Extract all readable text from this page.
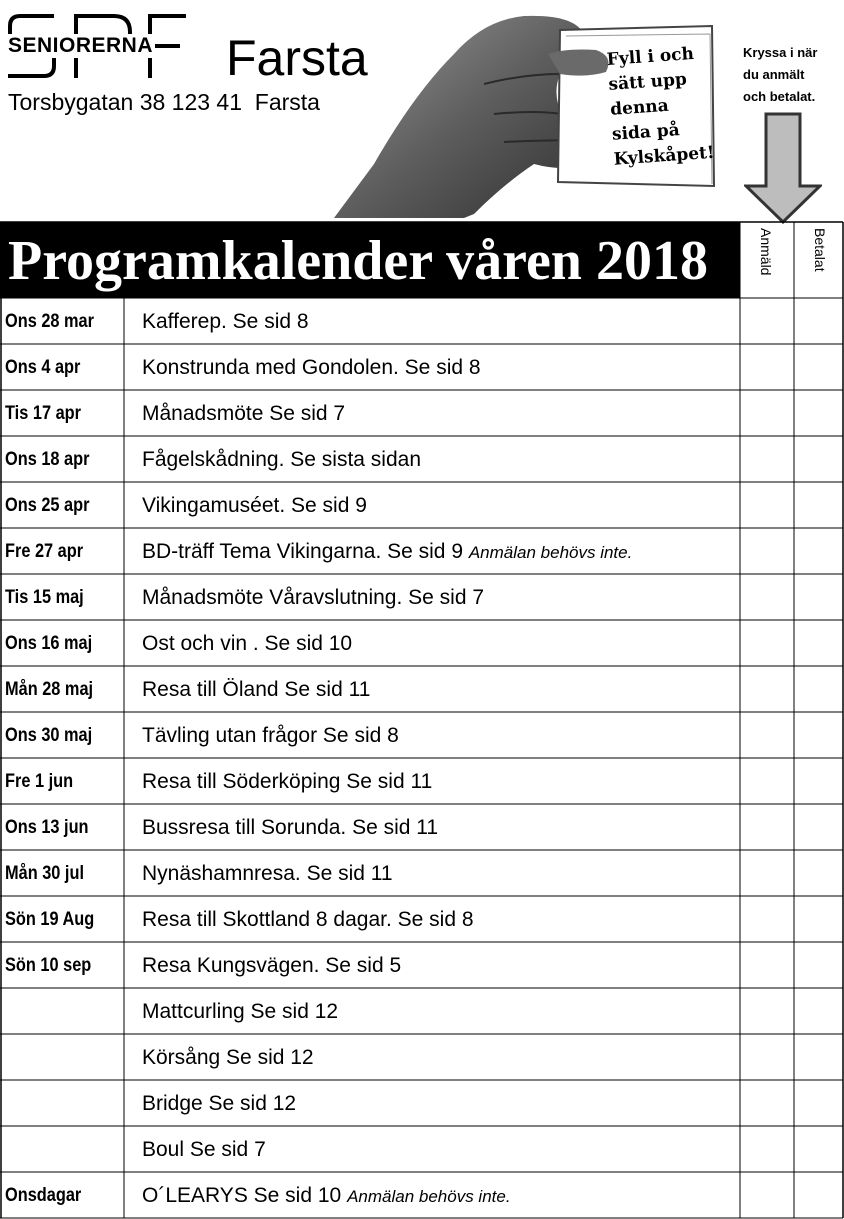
SENIORERNA Farsta
Torsbygatan 38 123 41  Farsta
Fyll i och
sätt upp
denna
sida på
Kylskåpet!
Kryssa i när
du anmält
och betalat.
Programkalender våren 2018	Anmäld	Betalat
Ons 28 mar Kafferep. Se sid 8
Ons 4 apr	Konstrunda med Gondolen. Se sid 8
Tis 17 apr	Månadsmöte Se sid 7
Ons 18 apr	Fågelskådning. Se sista sidan
Ons 25 apr	Vikingamuséet. Se sid 9
Fre 27 apr	BD-träff Tema Vikingarna. Se sid 9 Anmälan behövs inte.
Tis 15 maj	Månadsmöte Våravslutning. Se sid 7
Ons 16 maj Ost och vin . Se sid 10
Mån 28 maj Resa till Öland Se sid 11
Ons 30 maj Tävling utan frågor Se sid 8
Fre 1 jun	Resa till Söderköping Se sid 11
Ons 13 jun	Bussresa till Sorunda. Se sid 11
Mån 30 jul	Nynäshamnresa. Se sid 11
Sön 19 Aug Resa till Skottland 8 dagar. Se sid 8
Sön 10 sep Resa Kungsvägen. Se sid 5
Mattcurling Se sid 12
Körsång Se sid 12
Bridge Se sid 12
Boul Se sid 7
Onsdagar	O´LEARYS Se sid 10 Anmälan behövs inte.
